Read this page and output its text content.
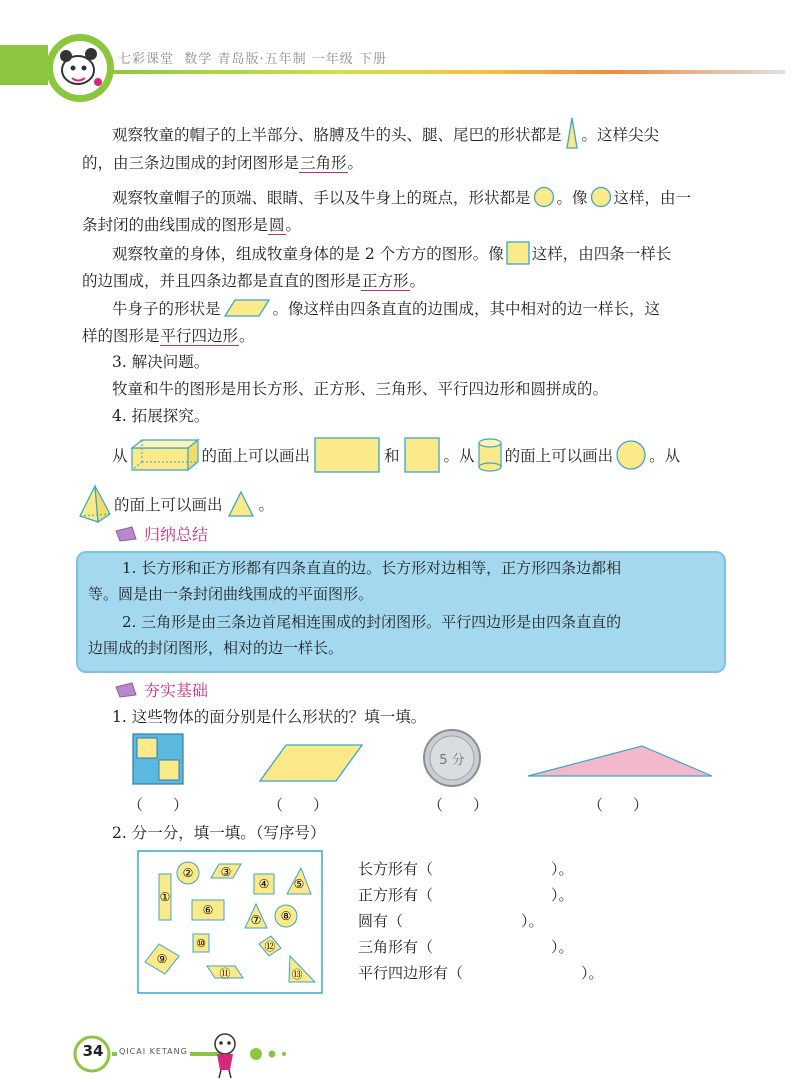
七彩课堂 数学 青岛版·五年制 一年级 下册
观察牧童的帽子的上半部分、胳膊及牛的头、腿、尾巴的形状都是 。这样尖尖
的，由三条边围成的封闭图形是三角形。
观察牧童帽子的顶端、眼睛、手以及牛身上的斑点，形状都是 。像 这样，由一
条封闭的曲线围成的图形是圆。
观察牧童的身体，组成牧童身体的是 2 个方方的图形。像 这样，由四条一样长
的边围成，并且四条边都是直直的图形是正方形。
牛身子的形状是	。像这样由四条直直的边围成，其中相对的边一样长，这
样的图形是平行四边形。
3. 解决问题。
牧童和牛的图形是用长方形、正方形、三角形、平行四边形和圆拼成的。
4. 拓展探究。
从	的面上可以画出	和	。从 的面上可以画出 。从
的面上可以画出 。
归纳总结
1. 长方形和正方形都有四条直直的边。长方形对边相等，正方形四条边都相
等。圆是由一条封闭曲线围成的平面图形。
2. 三角形是由三条边首尾相连围成的封闭图形。平行四边形是由四条直直的
边围成的封闭图形，相对的边一样长。
夯实基础
1. 这些物体的面分别是什么形状的？填一填。
5 分
（　　）	（　　）	（　　）	（　　）
2. 分一分，填一填。（写序号）
①
② ③
④ ⑤
⑥
⑦ ⑧
⑨
⑩
⑪
⑫
⑬
长方形有（	）。
正方形有（	）。
圆有（	）。
三角形有（	）。
平行四边形有（	）。
34	QICAI KETANG
